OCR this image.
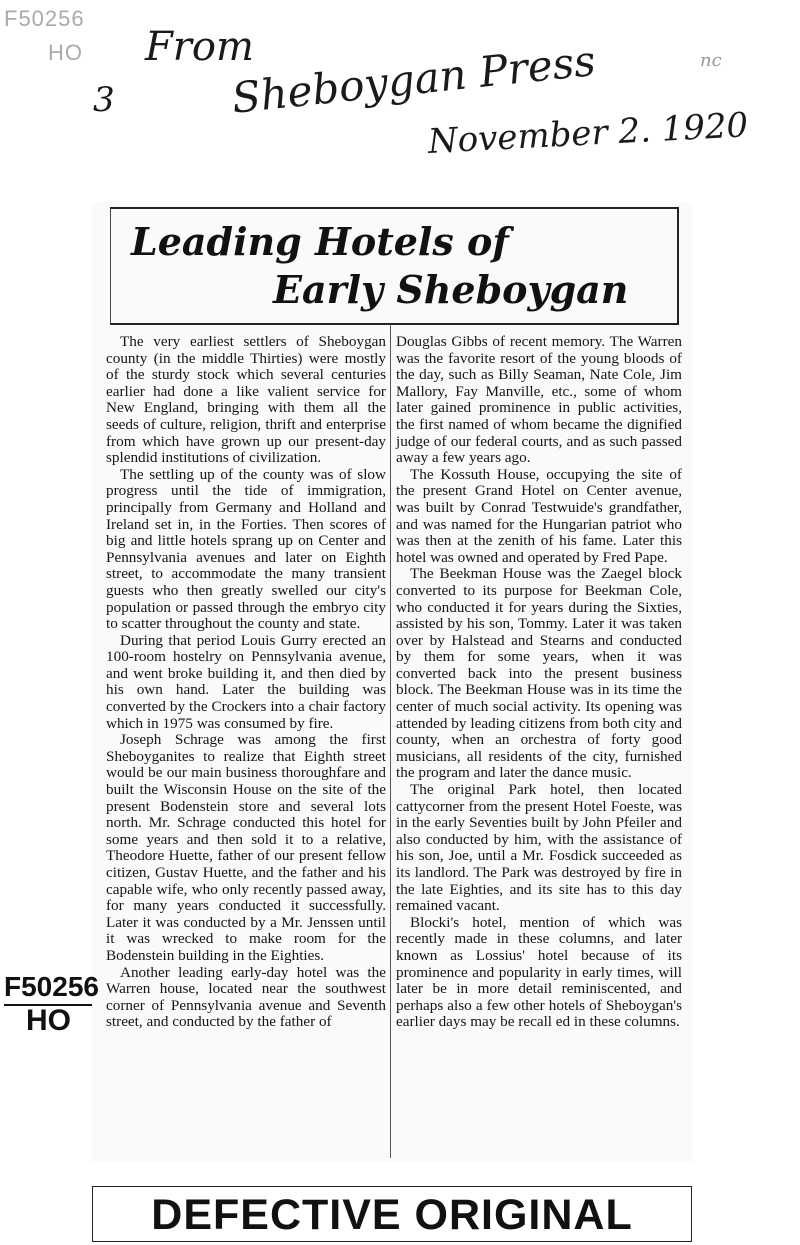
F50256
HO
3
From
Sheboygan Press
November 2. 1920
nc
Leading Hotels of
Early Sheboygan

The very earliest settlers of Sheboygan county (in the middle Thirties) were mostly of the sturdy stock which several centuries earlier had done a like valient service for New England, bringing with them all the seeds of culture, religion, thrift and enterprise from which have grown up our present-day splendid institutions of civilization.

The settling up of the county was of slow progress until the tide of immigration, principally from Germany and Holland and Ireland set in, in the Forties. Then scores of big and little hotels sprang up on Center and Pennsylvania avenues and later on Eighth street, to accommodate the many transient guests who then greatly swelled our city's population or passed through the embryo city to scatter throughout the county and state.

During that period Louis Gurry erected an 100-room hostelry on Pennsylvania avenue, and went broke building it, and then died by his own hand. Later the building was converted by the Crockers into a chair factory which in 1975 was consumed by fire.

Joseph Schrage was among the first Sheboyganites to realize that Eighth street would be our main business thoroughfare and built the Wisconsin House on the site of the present Bodenstein store and several lots north. Mr. Schrage conducted this hotel for some years and then sold it to a relative, Theodore Huette, father of our present fellow citizen, Gustav Huette, and the father and his capable wife, who only recently passed away, for many years conducted it successfully. Later it was conducted by a Mr. Jenssen until it was wrecked to make room for the Bodenstein building in the Eighties.

Another leading early-day hotel was the Warren house, located near the southwest corner of Pennsylvania avenue and Seventh street, and conducted by the father of

Douglas Gibbs of recent memory. The Warren was the favorite resort of the young bloods of the day, such as Billy Seaman, Nate Cole, Jim Mallory, Fay Manville, etc., some of whom later gained prominence in public activities, the first named of whom became the dignified judge of our federal courts, and as such passed away a few years ago.

The Kossuth House, occupying the site of the present Grand Hotel on Center avenue, was built by Conrad Testwuide's grandfather, and was named for the Hungarian patriot who was then at the zenith of his fame. Later this hotel was owned and operated by Fred Pape.

The Beekman House was the Zaegel block converted to its purpose for Beekman Cole, who conducted it for years during the Sixties, assisted by his son, Tommy. Later it was taken over by Halstead and Stearns and conducted by them for some years, when it was converted back into the present business block. The Beekman House was in its time the center of much social activity. Its opening was attended by leading citizens from both city and county, when an orchestra of forty good musicians, all residents of the city, furnished the program and later the dance music.

The original Park hotel, then located cattycorner from the present Hotel Foeste, was in the early Seventies built by John Pfeiler and also conducted by him, with the assistance of his son, Joe, until a Mr. Fosdick succeeded as its landlord. The Park was destroyed by fire in the late Eighties, and its site has to this day remained vacant.

Blocki's hotel, mention of which was recently made in these columns, and later known as Lossius' hotel because of its prominence and popularity in early times, will later be in more detail reminiscented, and perhaps also a few other hotels of Sheboygan's earlier days may be recall ed in these columns.

F50256
HO
DEFECTIVE ORIGINAL
